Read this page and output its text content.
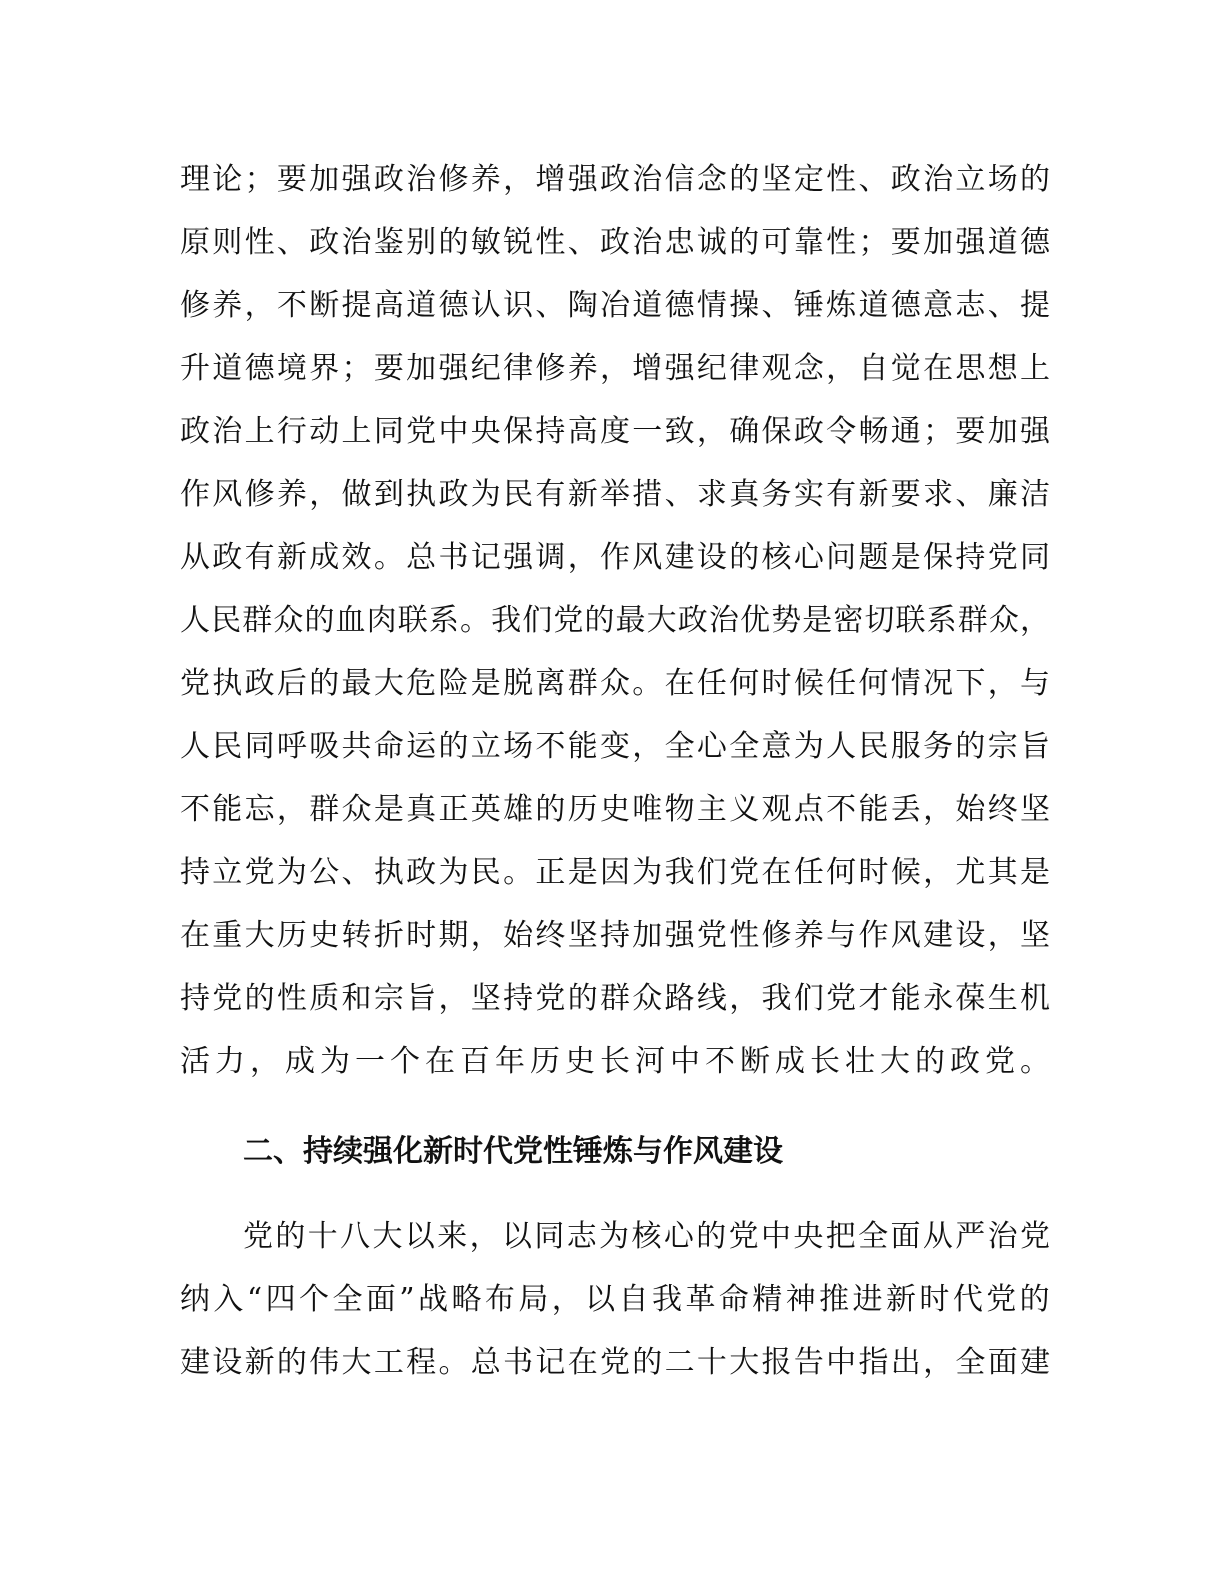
理论；要加强政治修养，增强政治信念的坚定性、政治立场的
原则性、政治鉴别的敏锐性、政治忠诚的可靠性；要加强道德
修养，不断提高道德认识、陶冶道德情操、锤炼道德意志、提
升道德境界；要加强纪律修养，增强纪律观念，自觉在思想上
政治上行动上同党中央保持高度一致，确保政令畅通；要加强
作风修养，做到执政为民有新举措、求真务实有新要求、廉洁
从政有新成效。总书记强调，作风建设的核心问题是保持党同
人民群众的血肉联系。我们党的最大政治优势是密切联系群众，
党执政后的最大危险是脱离群众。在任何时候任何情况下，与
人民同呼吸共命运的立场不能变，全心全意为人民服务的宗旨
不能忘，群众是真正英雄的历史唯物主义观点不能丢，始终坚
持立党为公、执政为民。正是因为我们党在任何时候，尤其是
在重大历史转折时期，始终坚持加强党性修养与作风建设，坚
持党的性质和宗旨，坚持党的群众路线，我们党才能永葆生机
活力，成为一个在百年历史长河中不断成长壮大的政党。
二、持续强化新时代党性锤炼与作风建设
党的十八大以来，以同志为核心的党中央把全面从严治党
纳入“四个全面”战略布局，以自我革命精神推进新时代党的
建设新的伟大工程。总书记在党的二十大报告中指出，全面建
